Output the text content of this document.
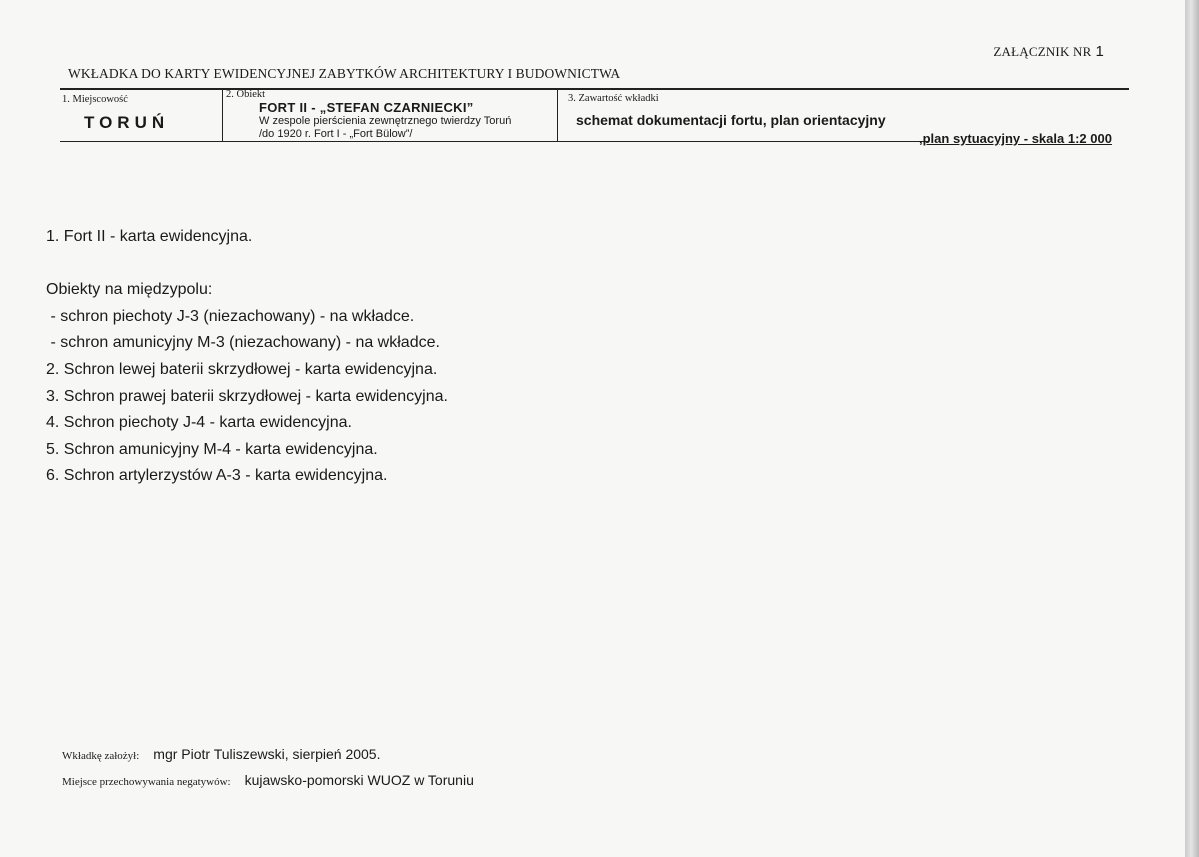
ZAŁĄCZNIK NR 1
WKŁADKA DO KARTY EWIDENCYJNEJ ZABYTKÓW ARCHITEKTURY I BUDOWNICTWA
1. Miejscowość
TORUŃ
2. Obiekt
FORT II - „STEFAN CZARNIECKI”
W zespole pierścienia zewnętrznego twierdzy Toruń
/do 1920 r. Fort I - „Fort Bülow”/
3. Zawartość wkładki
schemat dokumentacji fortu, plan orientacyjny
,plan sytuacyjny - skala 1:2 000
1. Fort II - karta ewidencyjna.

Obiekty na międzypolu:
- schron piechoty J-3 (niezachowany) - na wkładce.
- schron amunicyjny M-3 (niezachowany) - na wkładce.
2. Schron lewej baterii skrzydłowej - karta ewidencyjna.
3. Schron prawej baterii skrzydłowej - karta ewidencyjna.
4. Schron piechoty J-4 - karta ewidencyjna.
5. Schron amunicyjny M-4 - karta ewidencyjna.
6. Schron artylerzystów A-3 - karta ewidencyjna.
Wkładkę założył: mgr Piotr Tuliszewski, sierpień 2005.
Miejsce przechowywania negatywów: kujawsko-pomorski WUOZ w Toruniu
